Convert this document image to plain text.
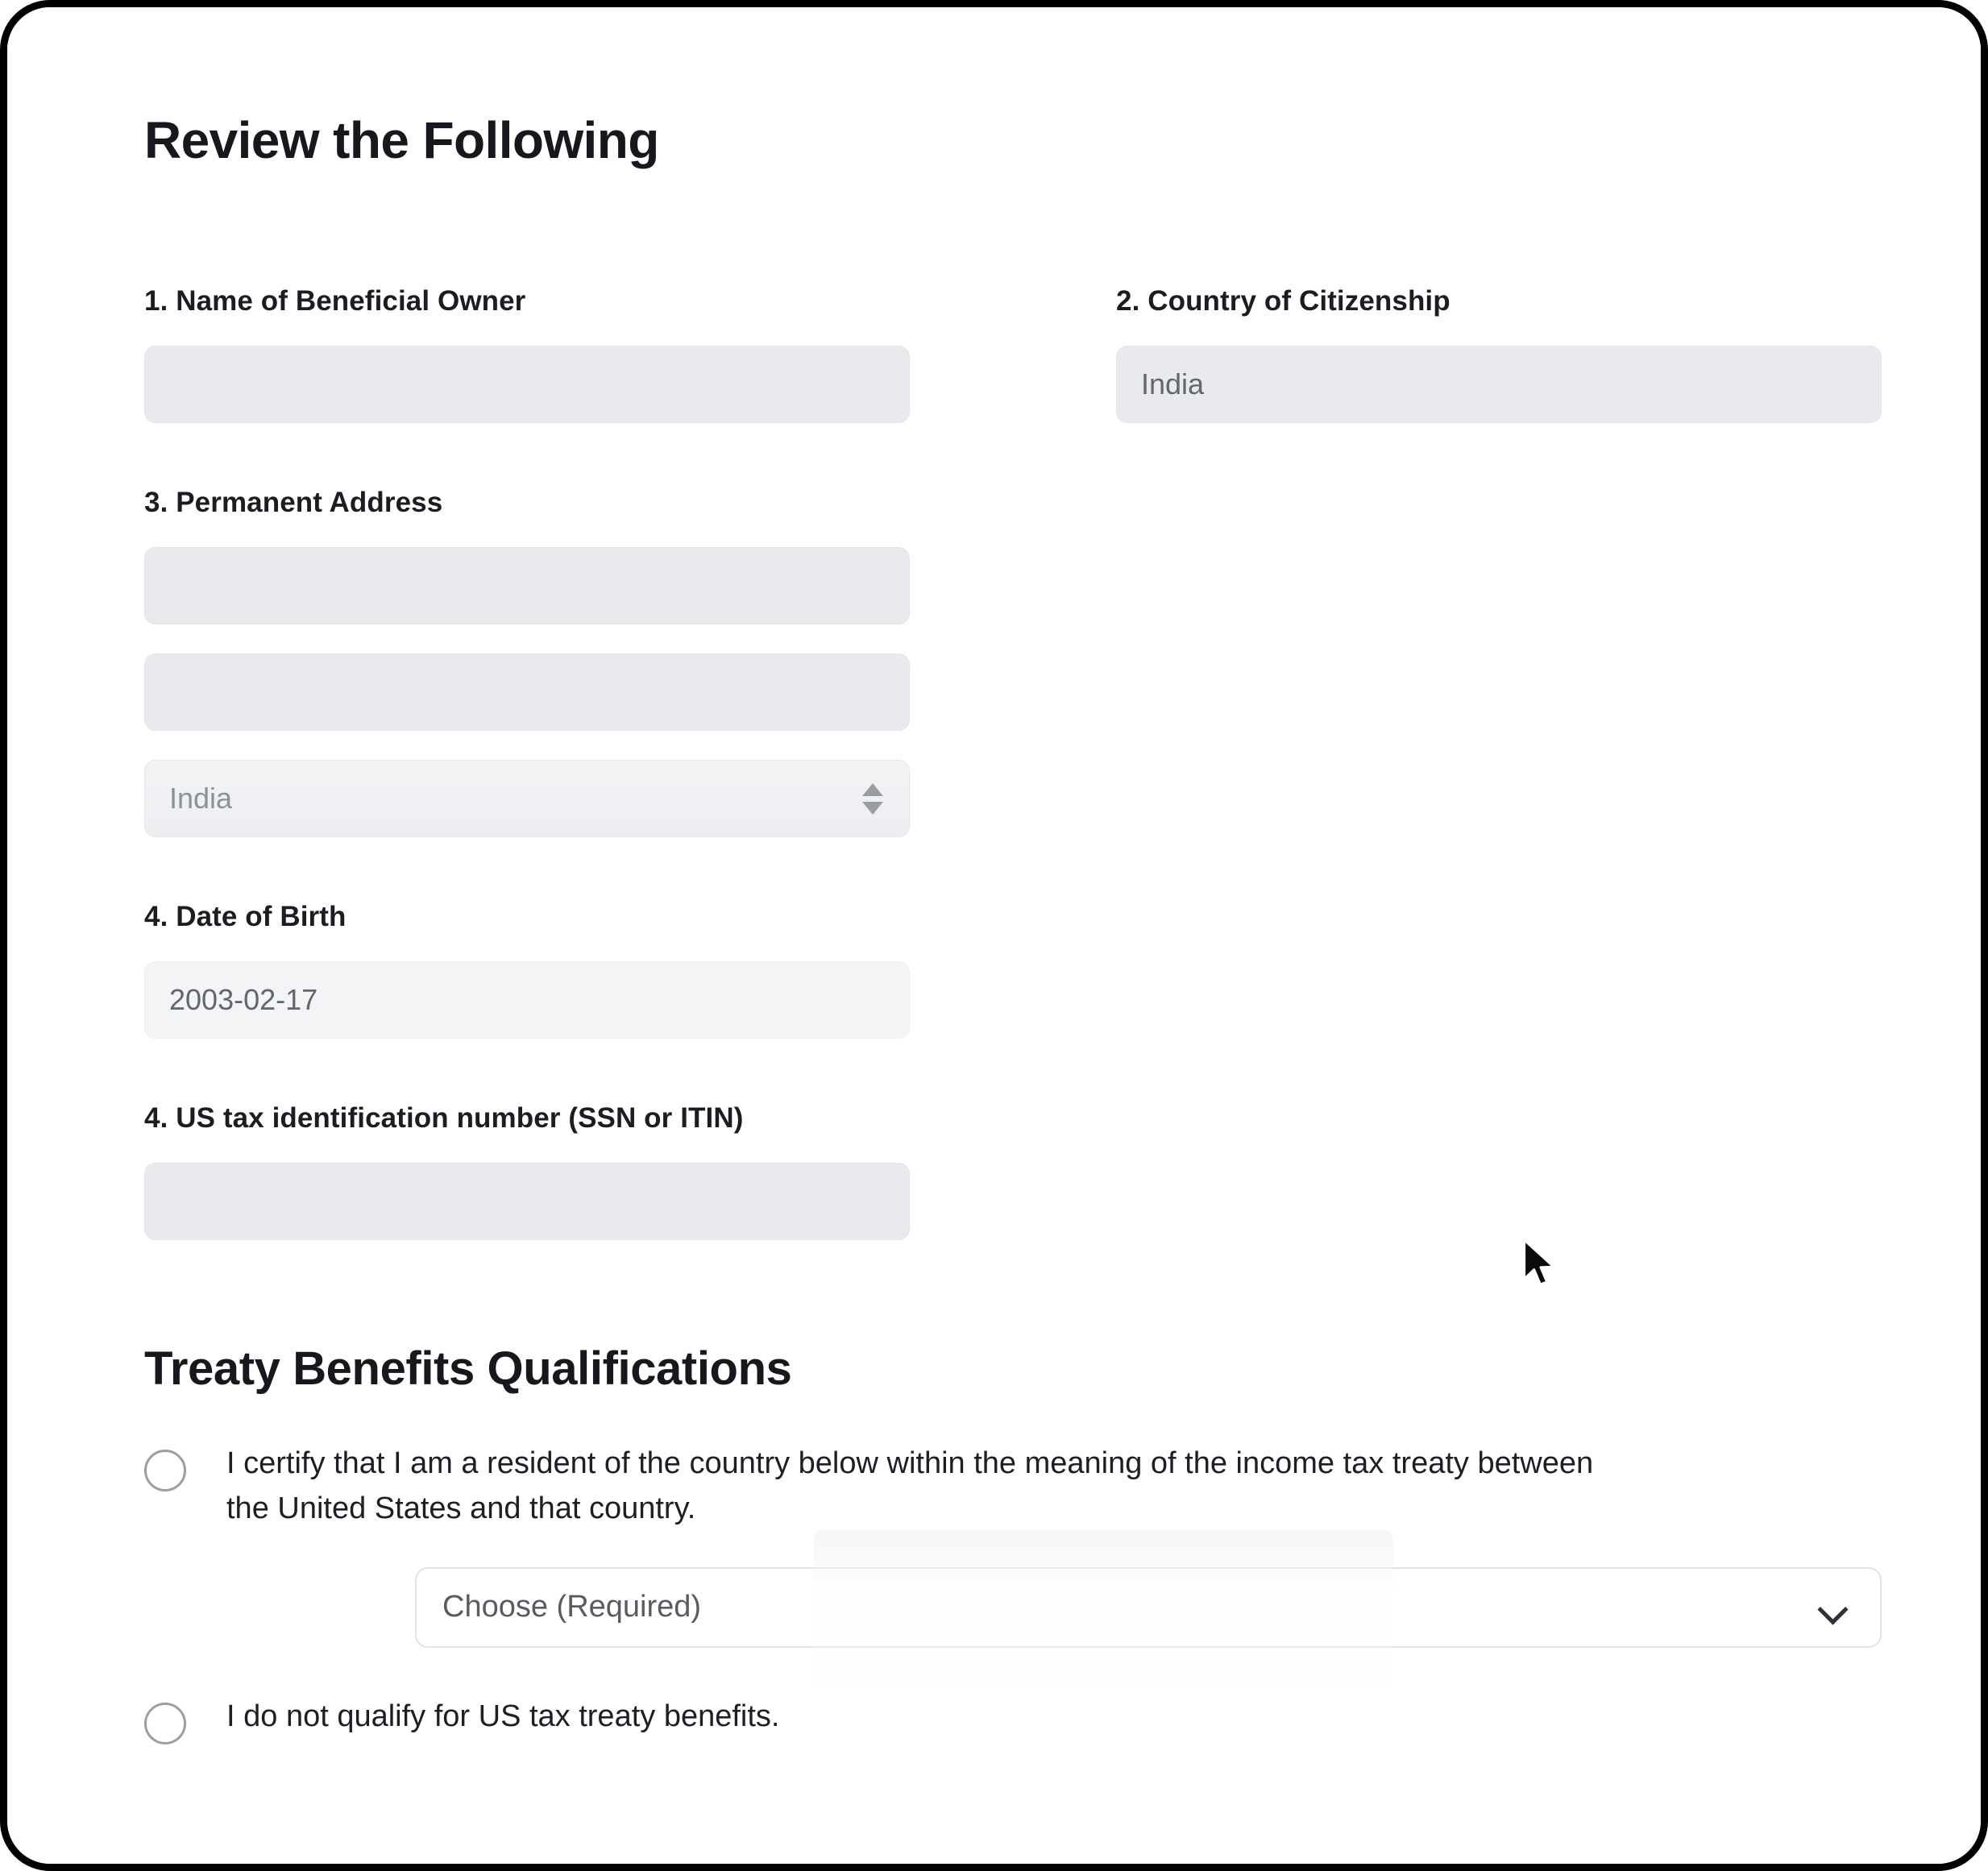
Review the Following
1. Name of Beneficial Owner
3. Permanent Address
India
4. Date of Birth
2003-02-17
4. US tax identification number (SSN or ITIN)
2. Country of Citizenship
India
Treaty Benefits Qualifications
I certify that I am a resident of the country below within the meaning of the income tax treaty between the United States and that country.
Choose (Required)
I do not qualify for US tax treaty benefits.
